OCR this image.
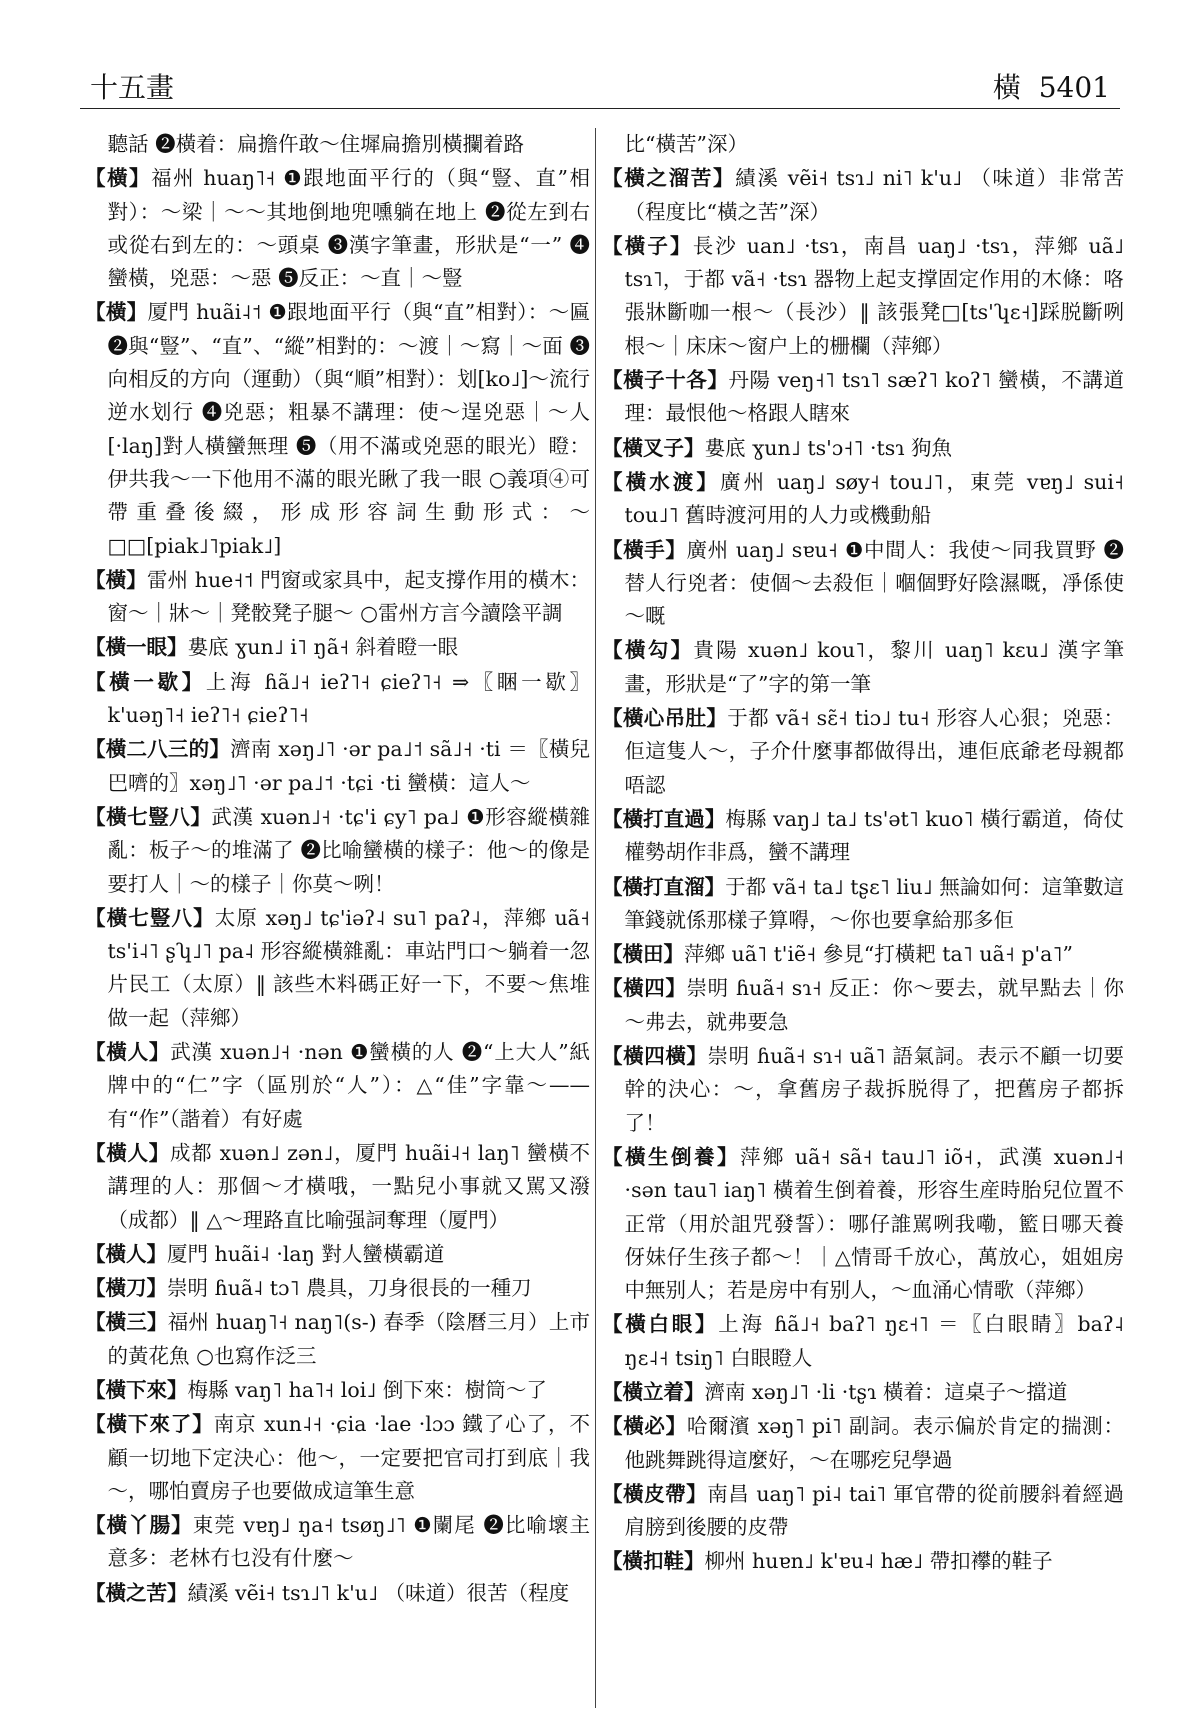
十五畫	橫 5401
聽話 ❷橫着：扁擔仵敢～住墀扁擔別橫攔着路
【橫】福州 huaŋ˥˧ ❶跟地面平行的（與“豎、直”相對）：～梁｜～～其地倒地兜嚑躺在地上 ❷從左到右或從右到左的：～頭桌 ❸漢字筆畫，形狀是“一” ❹蠻橫，兇惡：～惡 ❺反正：～直｜～豎
【橫】厦門 huãi˨˦ ❶跟地面平行（與“直”相對）：～匾 ❷與“豎”、“直”、“縱”相對的：～渡｜～寫｜～面 ❸向相反的方向（運動）（與“順”相對）：划[ko˩]～流行逆水划行 ❹兇惡；粗暴不講理：使～逞兇惡｜～人[·laŋ]對人橫蠻無理 ❺（用不滿或兇惡的眼光）瞪：伊共我～一下他用不滿的眼光瞅了我一眼 ○義項④可帶重叠後綴，形成形容詞生動形式：～□□[piak˩˥piak˩]
【橫】雷州 hue˧˦ 門窗或家具中，起支撐作用的橫木：窗～｜牀～｜凳骹凳子腿～ ○雷州方言今讀陰平調
【橫一眼】婁底 ɣun˩ i˥ ŋã˧ 斜着瞪一眼
【橫一歇】上海 ɦã˩˧ ieʔ˥˧ ɕieʔ˥˧ ⇒〖睏一歇〗k'uəŋ˥˧ ieʔ˥˧ ɕieʔ˥˧
【橫二八三的】濟南 xəŋ˩˥ ·ər pa˩˦ sã˩˧ ·ti ＝〖橫兒巴嚌的〗xəŋ˩˥ ·ər pa˩˦ ·tɕi ·ti 蠻橫：這人～
【橫七豎八】武漢 xuən˩˧ ·tɕ'i ɕy˥ pa˩ ❶形容縱橫雜亂：板子～的堆滿了 ❷比喻蠻橫的樣子：他～的像是要打人｜～的樣子｜你莫～咧！
【橫七豎八】太原 xəŋ˩ tɕ'iəʔ˨ su˥ paʔ˨，萍鄉 uã˧ ts'i˨˥ ʂʮ˩˥ pa˨ 形容縱橫雜亂：車站門口～躺着一忽片民工（太原）‖ 該些木料碼正好一下，不要～焦堆做一起（萍鄉）
【橫人】武漢 xuən˩˧ ·nən ❶蠻橫的人 ❷“上大人”紙牌中的“仁”字（區別於“人”）：△“佳”字靠～——有“作”（諧着）有好處
【橫人】成都 xuən˩ zən˩，厦門 huãi˨˧ laŋ˥ 蠻橫不講理的人：那個～才橫哦，一點兒小事就又駡又潑（成都）‖ △～理路直比喻强詞奪理（厦門）
【橫人】厦門 huãi˨ ·laŋ 對人蠻橫霸道
【橫刀】崇明 ɦuã˨ tɔ˥ 農具，刀身很長的一種刀
【橫三】福州 huaŋ˥˧ naŋ˥(s-) 春季（陰曆三月）上市的黃花魚 ○也寫作泛三
【橫下來】梅縣 vaŋ˥ ha˥˧ loi˩ 倒下來：樹筒～了
【橫下來了】南京 xun˨˧ ·ɕia ·lae ·lɔɔ 鐵了心了，不顧一切地下定決心：他～，一定要把官司打到底｜我～，哪怕賣房子也要做成這筆生意
【橫丫腸】東莞 vɐŋ˩ ŋa˧ tsøŋ˩˥ ❶闌尾 ❷比喻壞主意多：老林冇乜没有什麼～
【橫之苦】績溪 vẽi˧ tsɿ˩˥ k'u˩ （味道）很苦（程度
比“橫苦”深）
【橫之溜苦】績溪 vẽi˧ tsɿ˩ ni˥ k'u˩ （味道）非常苦（程度比“橫之苦”深）
【橫子】長沙 uan˩ ·tsɿ，南昌 uaŋ˩ ·tsɿ，萍鄉 uã˩ tsɿ˥，于都 vã˧ ·tsɿ 器物上起支撑固定作用的木條：咯張牀斷咖一根～（長沙）‖ 該張凳□[ts'ʮɛ˧]踩脱斷咧根～｜床床～窗户上的栅欄（萍鄉）
【橫子十各】丹陽 veŋ˧˥ tsɿ˥ sæʔ˥ koʔ˥ 蠻橫，不講道理：最恨他～格跟人瞎來
【橫叉子】婁底 ɣun˩ ts'ɔ˧˥ ·tsɿ 狗魚
【橫水渡】廣州 uaŋ˩ søy˧ tou˩˥，東莞 vɐŋ˩ sui˧ tou˩˥ 舊時渡河用的人力或機動船
【橫手】廣州 uaŋ˩ sɐu˧ ❶中間人：我使～同我買野 ❷替人行兇者：使個～去殺佢｜嗰個野好陰濕嘅，凈係使～嘅
【橫勾】貴陽 xuən˩ kou˥，黎川 uaŋ˥ kɛu˩ 漢字筆畫，形狀是“了”字的第一筆
【橫心吊肚】于都 vã˧ sɛ̃˧ tiɔ˩ tu˧ 形容人心狠；兇惡：佢這隻人～，子介什麼事都做得出，連佢底爺老母親都唔認
【橫打直過】梅縣 vaŋ˩ ta˩ ts'ət˥ kuo˥ 橫行霸道，倚仗權勢胡作非爲，蠻不講理
【橫打直溜】于都 vã˧ ta˩ tʂɛ˥ liu˩ 無論如何：這筆數這筆錢就係那樣子算嘚，～你也要拿給那多佢
【橫田】萍鄉 uã˥ t'iẽ˧ 參見“打橫耙 ta˥ uã˧ p'a˥”
【橫四】崇明 ɦuã˧ sɿ˧ 反正：你～要去，就早點去｜你～弗去，就弗要急
【橫四橫】崇明 ɦuã˧ sɿ˧ uã˥ 語氣詞。表示不顧一切要幹的決心：～，拿舊房子裁拆脱得了，把舊房子都拆了！
【橫生倒養】萍鄉 uã˧ sã˧ tau˩˥ iõ˧，武漢 xuən˩˧ ·sən tau˥ iaŋ˥ 橫着生倒着養，形容生産時胎兒位置不正常（用於詛咒發誓）：哪仔誰駡咧我嘞，籃日哪天養伢妹仔生孩子都～！｜△情哥千放心，萬放心，姐姐房中無别人；若是房中有别人，～血涌心情歌（萍鄉）
【橫白眼】上海 ɦã˩˧ baʔ˥ ŋɛ˧˥ ＝〖白眼睛〗baʔ˨ ŋɛ˨˧ tsiŋ˥ 白眼瞪人
【橫立着】濟南 xəŋ˩˥ ·li ·tʂɿ 橫着：這桌子～擋道
【橫必】哈爾濱 xəŋ˥ pi˥ 副詞。表示偏於肯定的揣測：他跳舞跳得這麼好，～在哪疙兒學過
【橫皮帶】南昌 uaŋ˥ pi˨ tai˥ 軍官帶的從前腰斜着經過肩膀到後腰的皮帶
【橫扣鞋】柳州 huɐn˩ k'ɐu˨ hæ˩ 帶扣襻的鞋子
